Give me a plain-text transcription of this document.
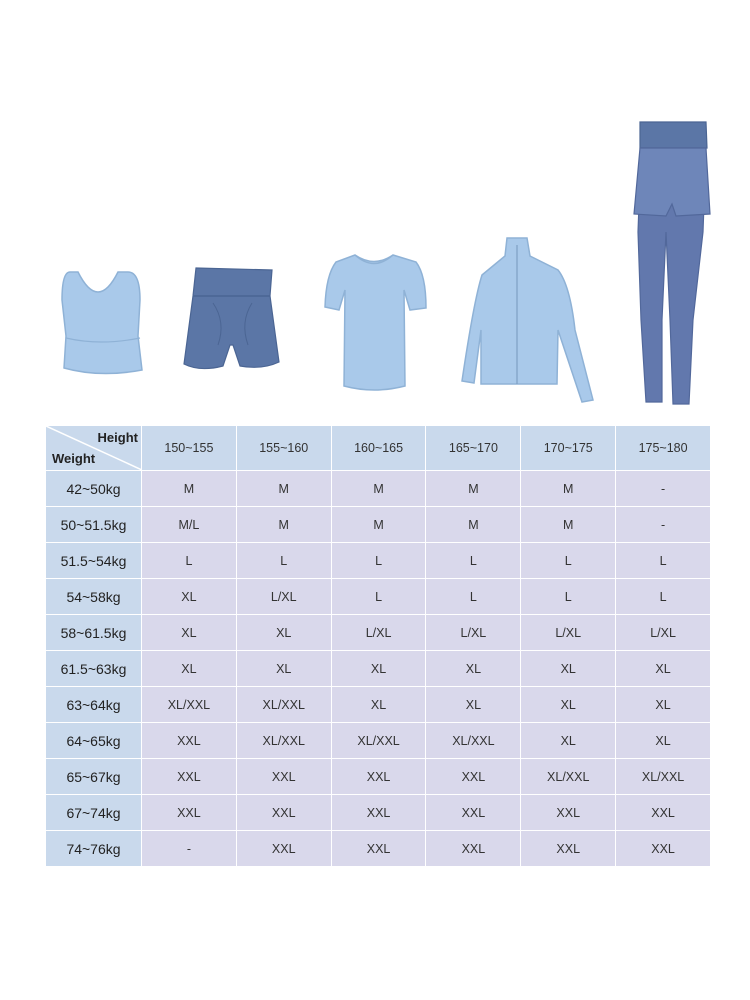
Height
Weight	150~155	155~160	160~165	165~170	170~175	175~180
42~50kg	M	M	M	M	M	-
50~51.5kg	M/L	M	M	M	M	-
51.5~54kg	L	L	L	L	L	L
54~58kg	XL	L/XL	L	L	L	L
58~61.5kg	XL	XL	L/XL	L/XL	L/XL	L/XL
61.5~63kg	XL	XL	XL	XL	XL	XL
63~64kg	XL/XXL	XL/XXL	XL	XL	XL	XL
64~65kg	XXL	XL/XXL	XL/XXL	XL/XXL	XL	XL
65~67kg	XXL	XXL	XXL	XXL	XL/XXL	XL/XXL
67~74kg	XXL	XXL	XXL	XXL	XXL	XXL
74~76kg	-	XXL	XXL	XXL	XXL	XXL
